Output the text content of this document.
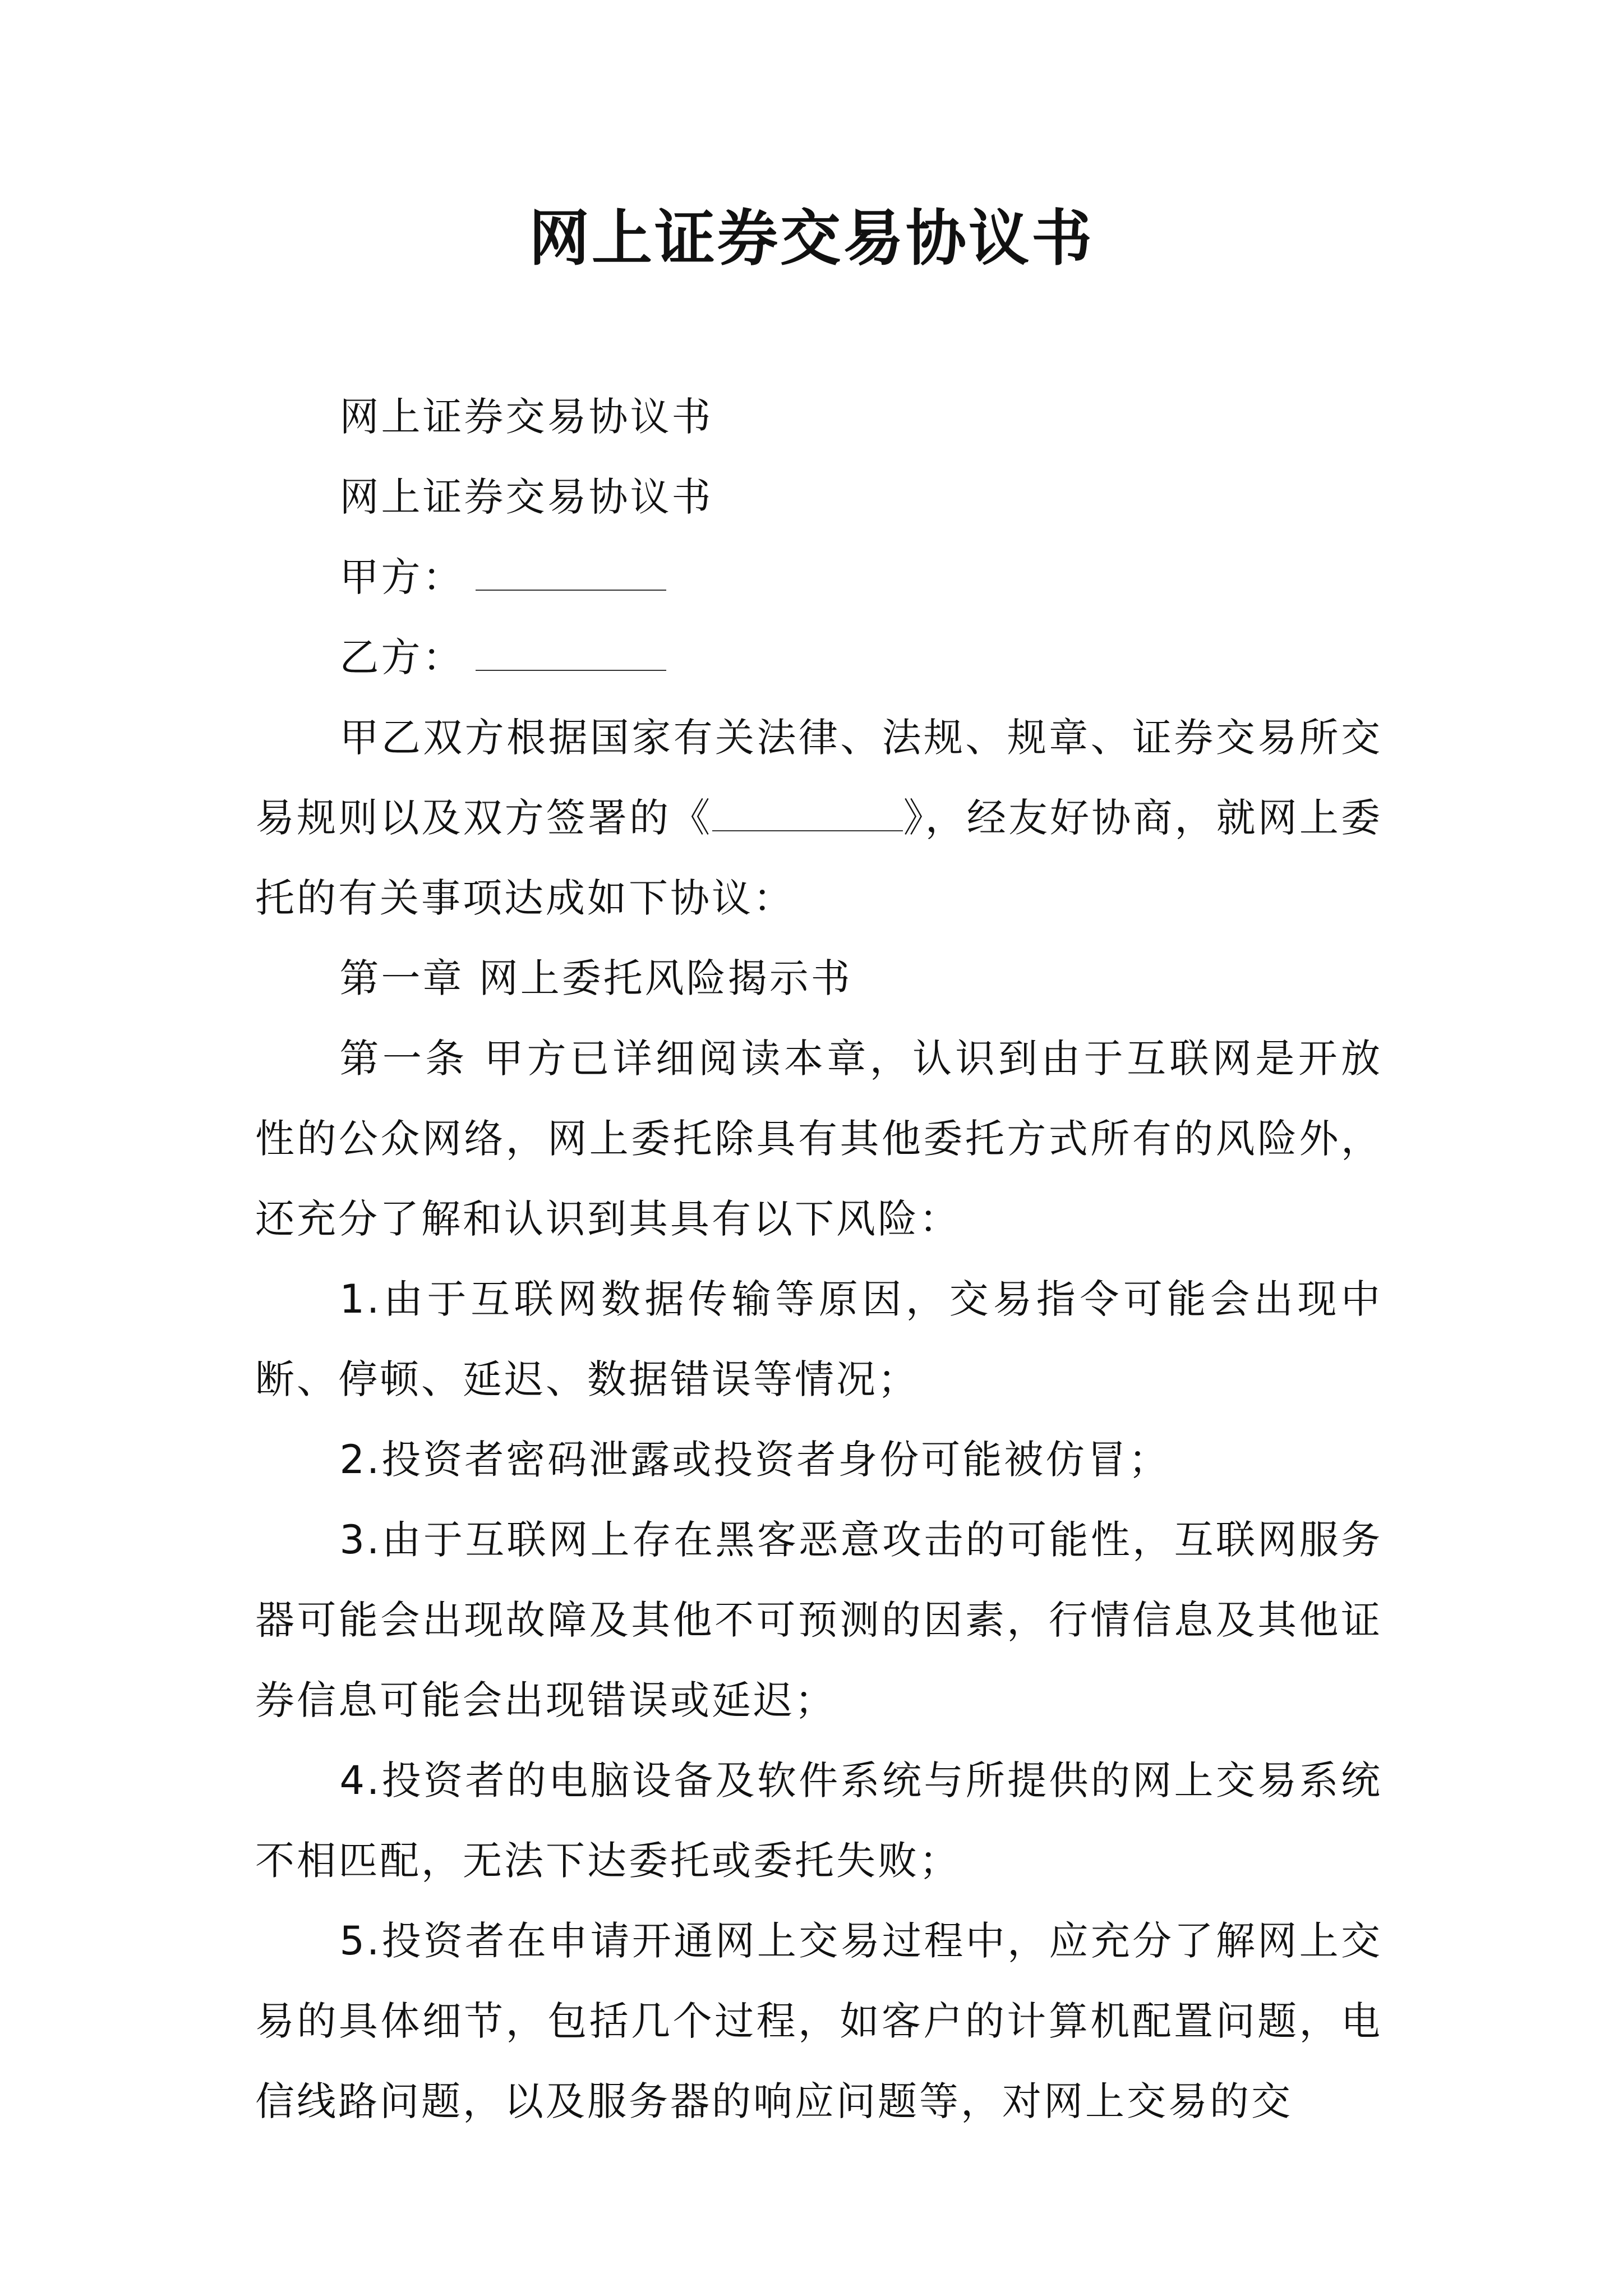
网上证券交易协议书

网上证券交易协议书

网上证券交易协议书

甲方：

乙方：

甲乙双方根据国家有关法律、法规、规章、证券交易所交易规则以及双方签署的《	》，经友好协商，就网上委托的有关事项达成如下协议：

第一章 网上委托风险揭示书

第一条 甲方已详细阅读本章，认识到由于互联网是开放性的公众网络，网上委托除具有其他委托方式所有的风险外，还充分了解和认识到其具有以下风险：

1.由于互联网数据传输等原因，交易指令可能会出现中断、停顿、延迟、数据错误等情况；

2.投资者密码泄露或投资者身份可能被仿冒；

3.由于互联网上存在黑客恶意攻击的可能性，互联网服务器可能会出现故障及其他不可预测的因素，行情信息及其他证券信息可能会出现错误或延迟；

4.投资者的电脑设备及软件系统与所提供的网上交易系统不相匹配，无法下达委托或委托失败；

5.投资者在申请开通网上交易过程中，应充分了解网上交易的具体细节，包括几个过程，如客户的计算机配置问题，电信线路问题，以及服务器的响应问题等，对网上交易的交
